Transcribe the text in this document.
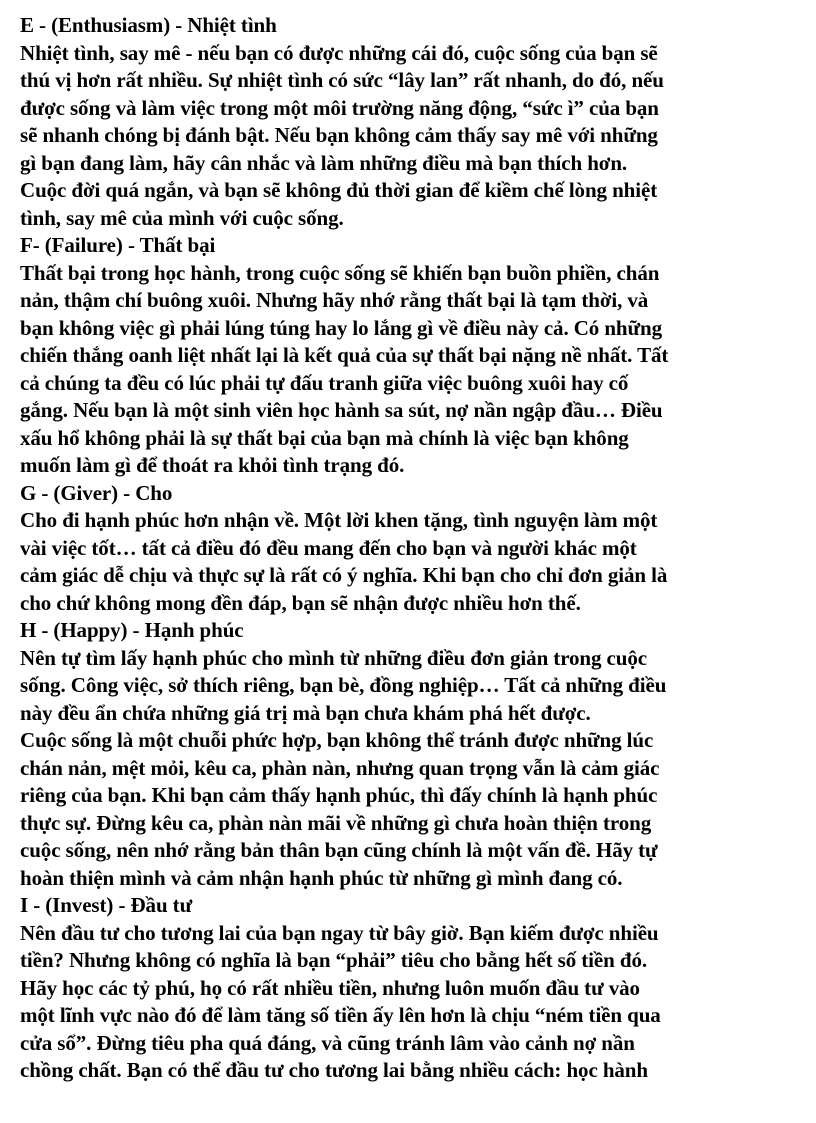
E - (Enthusiasm) - Nhiệt tình
Nhiệt tình, say mê - nếu bạn có được những cái đó, cuộc sống của bạn sẽ
thú vị hơn rất nhiều. Sự nhiệt tình có sức “lây lan” rất nhanh, do đó, nếu
được sống và làm việc trong một môi trường năng động, “sức ì” của bạn
sẽ nhanh chóng bị đánh bật. Nếu bạn không cảm thấy say mê với những
gì bạn đang làm, hãy cân nhắc và làm những điều mà bạn thích hơn.
Cuộc đời quá ngắn, và bạn sẽ không đủ thời gian để kiềm chế lòng nhiệt
tình, say mê của mình với cuộc sống.
F- (Failure) - Thất bại
Thất bại trong học hành, trong cuộc sống sẽ khiến bạn buồn phiền, chán
nản, thậm chí buông xuôi. Nhưng hãy nhớ rằng thất bại là tạm thời, và
bạn không việc gì phải lúng túng hay lo lắng gì về điều này cả. Có những
chiến thắng oanh liệt nhất lại là kết quả của sự thất bại nặng nề nhất. Tất
cả chúng ta đều có lúc phải tự đấu tranh giữa việc buông xuôi hay cố
gắng. Nếu bạn là một sinh viên học hành sa sút, nợ nần ngập đầu… Điều
xấu hổ không phải là sự thất bại của bạn mà chính là việc bạn không
muốn làm gì để thoát ra khỏi tình trạng đó.
G - (Giver) - Cho
Cho đi hạnh phúc hơn nhận về. Một lời khen tặng, tình nguyện làm một
vài việc tốt… tất cả điều đó đều mang đến cho bạn và người khác một
cảm giác dễ chịu và thực sự là rất có ý nghĩa. Khi bạn cho chỉ đơn giản là
cho chứ không mong đền đáp, bạn sẽ nhận được nhiều hơn thế.
H - (Happy) - Hạnh phúc
Nên tự tìm lấy hạnh phúc cho mình từ những điều đơn giản trong cuộc
sống. Công việc, sở thích riêng, bạn bè, đồng nghiệp… Tất cả những điều
này đều ẩn chứa những giá trị mà bạn chưa khám phá hết được.
Cuộc sống là một chuỗi phức hợp, bạn không thể tránh được những lúc
chán nản, mệt mỏi, kêu ca, phàn nàn, nhưng quan trọng vẫn là cảm giác
riêng của bạn. Khi bạn cảm thấy hạnh phúc, thì đấy chính là hạnh phúc
thực sự. Đừng kêu ca, phàn nàn mãi về những gì chưa hoàn thiện trong
cuộc sống, nên nhớ rằng bản thân bạn cũng chính là một vấn đề. Hãy tự
hoàn thiện mình và cảm nhận hạnh phúc từ những gì mình đang có.
I - (Invest) - Đầu tư
Nên đầu tư cho tương lai của bạn ngay từ bây giờ. Bạn kiếm được nhiều
tiền? Nhưng không có nghĩa là bạn “phải” tiêu cho bằng hết số tiền đó.
Hãy học các tỷ phú, họ có rất nhiều tiền, nhưng luôn muốn đầu tư vào
một lĩnh vực nào đó để làm tăng số tiền ấy lên hơn là chịu “ném tiền qua
cửa sổ”. Đừng tiêu pha quá đáng, và cũng tránh lâm vào cảnh nợ nần
chồng chất. Bạn có thể đầu tư cho tương lai bằng nhiều cách: học hành
